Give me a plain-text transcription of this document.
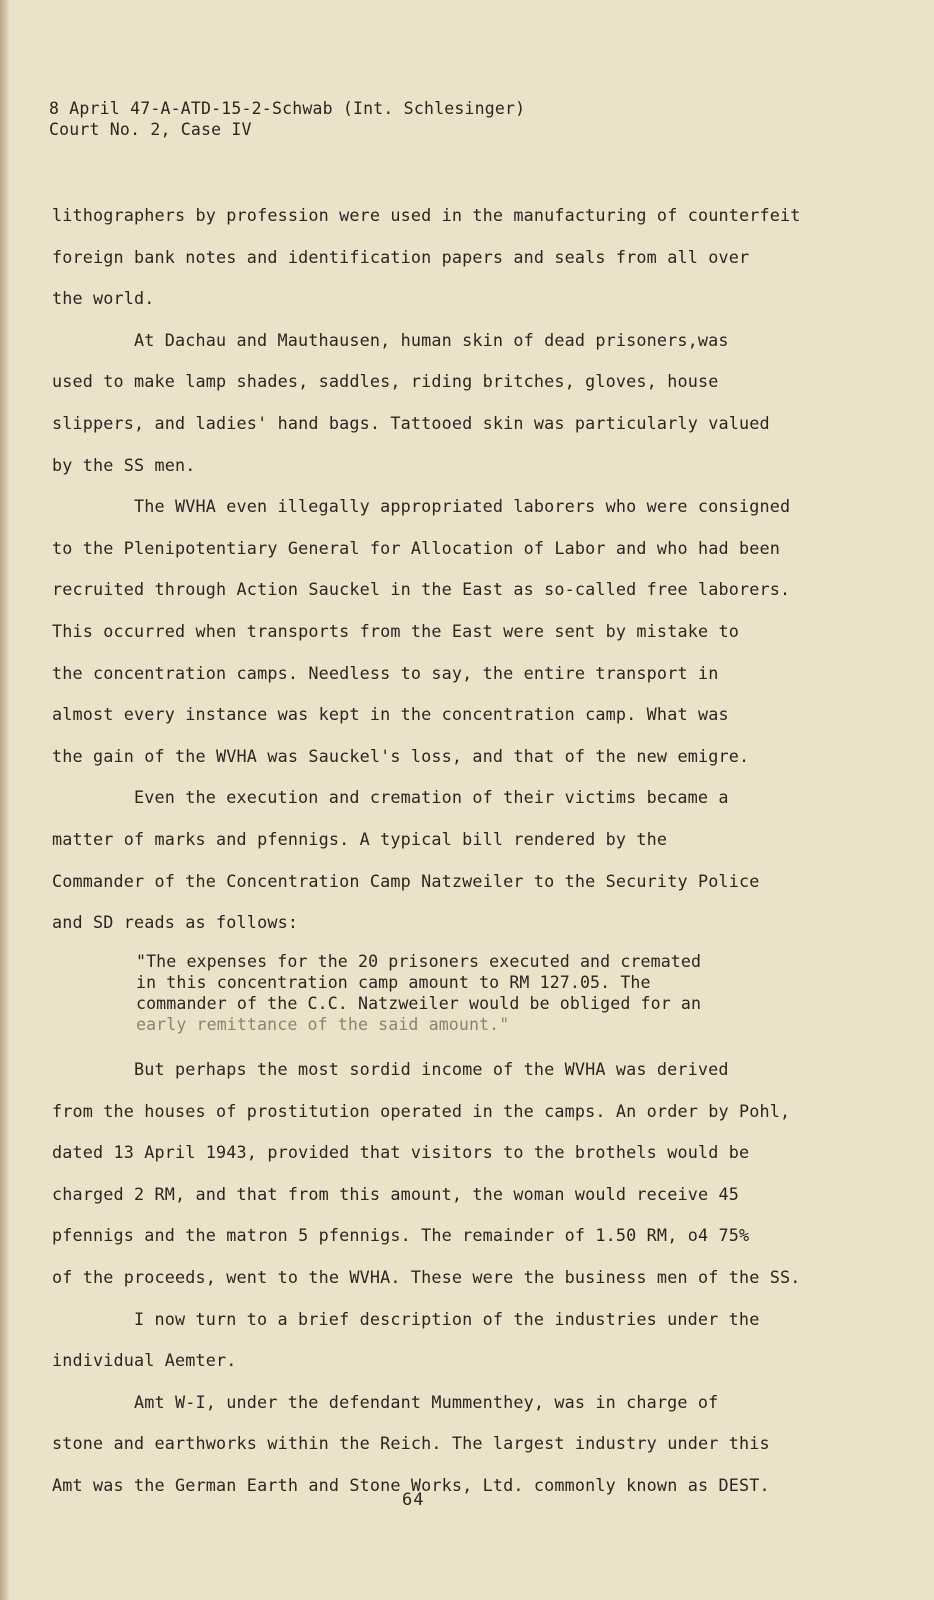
8 April 47-A-ATD-15-2-Schwab (Int. Schlesinger)
Court No. 2, Case IV
lithographers by profession were used in the manufacturing of counterfeit
foreign bank notes and identification papers and seals from all over
the world.
At Dachau and Mauthausen, human skin of dead prisoners,was
used to make lamp shades, saddles, riding britches, gloves, house
slippers, and ladies' hand bags. Tattooed skin was particularly valued
by the SS men.
The WVHA even illegally appropriated laborers who were consigned
to the Plenipotentiary General for Allocation of Labor and who had been
recruited through Action Sauckel in the East as so-called free laborers.
This occurred when transports from the East were sent by mistake to
the concentration camps. Needless to say, the entire transport in
almost every instance was kept in the concentration camp. What was
the gain of the WVHA was Sauckel's loss, and that of the new emigre.
Even the execution and cremation of their victims became a
matter of marks and pfennigs. A typical bill rendered by the
Commander of the Concentration Camp Natzweiler to the Security Police
and SD reads as follows:
"The expenses for the 20 prisoners executed and cremated
in this concentration camp amount to RM 127.05. The
commander of the C.C. Natzweiler would be obliged for an
early remittance of the said amount."
But perhaps the most sordid income of the WVHA was derived
from the houses of prostitution operated in the camps. An order by Pohl,
dated 13 April 1943, provided that visitors to the brothels would be
charged 2 RM, and that from this amount, the woman would receive 45
pfennigs and the matron 5 pfennigs. The remainder of 1.50 RM, o4 75%
of the proceeds, went to the WVHA. These were the business men of the SS.
I now turn to a brief description of the industries under the
individual Aemter.
Amt W-I, under the defendant Mummenthey, was in charge of
stone and earthworks within the Reich. The largest industry under this
Amt was the German Earth and Stone Works, Ltd. commonly known as DEST.
64
